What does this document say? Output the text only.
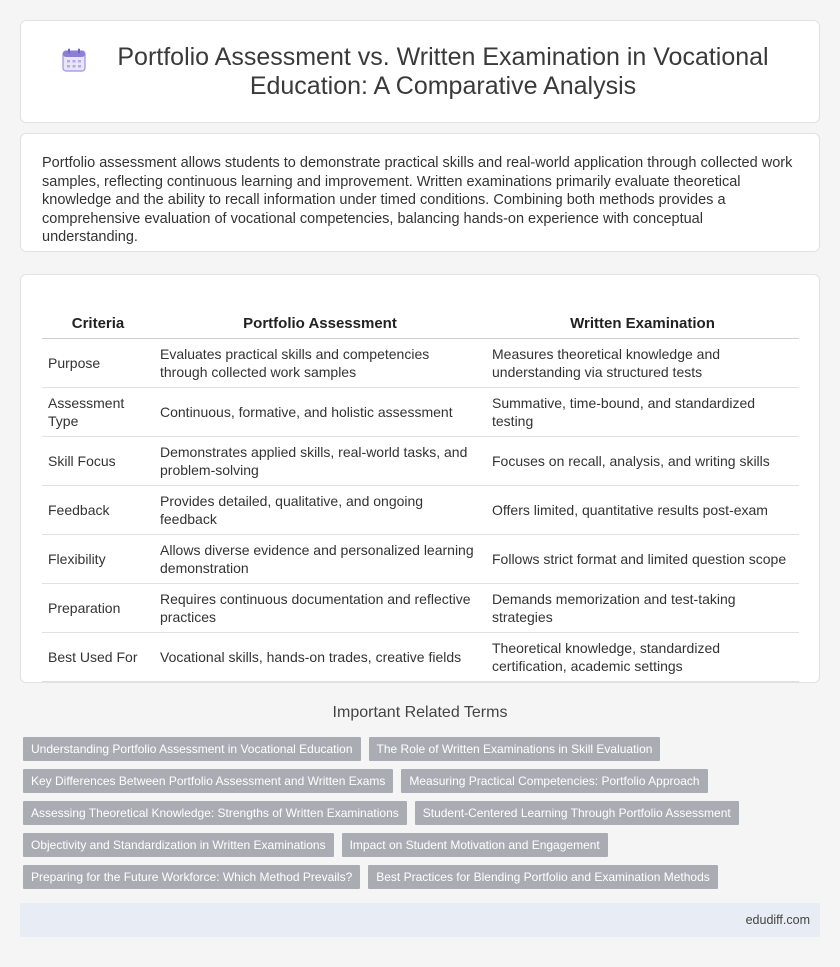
Portfolio Assessment vs. Written Examination in Vocational Education: A Comparative Analysis

Portfolio assessment allows students to demonstrate practical skills and real-world application through collected work samples, reflecting continuous learning and improvement. Written examinations primarily evaluate theoretical knowledge and the ability to recall information under timed conditions. Combining both methods provides a comprehensive evaluation of vocational competencies, balancing hands-on experience with conceptual understanding.

Criteria	Portfolio Assessment	Written Examination
Purpose	Evaluates practical skills and competencies through collected work samples	Measures theoretical knowledge and understanding via structured tests
Assessment Type	Continuous, formative, and holistic assessment	Summative, time-bound, and standardized testing
Skill Focus	Demonstrates applied skills, real-world tasks, and problem-solving	Focuses on recall, analysis, and writing skills
Feedback	Provides detailed, qualitative, and ongoing feedback	Offers limited, quantitative results post-exam
Flexibility	Allows diverse evidence and personalized learning demonstration	Follows strict format and limited question scope
Preparation	Requires continuous documentation and reflective practices	Demands memorization and test-taking strategies
Best Used For	Vocational skills, hands-on trades, creative fields	Theoretical knowledge, standardized certification, academic settings
Important Related Terms
Understanding Portfolio Assessment in Vocational Education	The Role of Written Examinations in Skill Evaluation
Key Differences Between Portfolio Assessment and Written Exams	Measuring Practical Competencies: Portfolio Approach
Assessing Theoretical Knowledge: Strengths of Written Examinations	Student-Centered Learning Through Portfolio Assessment
Objectivity and Standardization in Written Examinations	Impact on Student Motivation and Engagement
Preparing for the Future Workforce: Which Method Prevails?	Best Practices for Blending Portfolio and Examination Methods
edudiff.com
